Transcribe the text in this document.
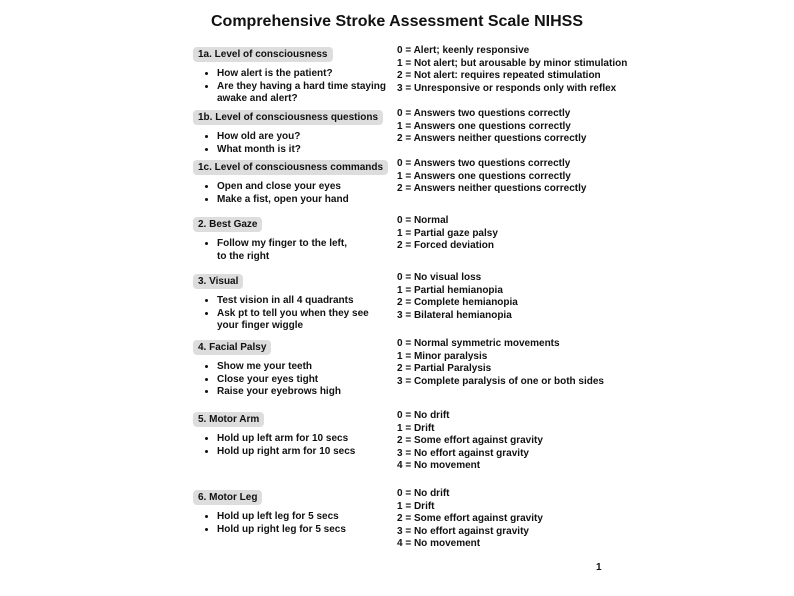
Comprehensive Stroke Assessment Scale NIHSS
1a. Level of consciousness
• How alert is the patient?
• Are they having a hard time staying awake and alert?
0 = Alert; keenly responsive
1 = Not alert; but arousable by minor stimulation
2 = Not alert: requires repeated stimulation
3 = Unresponsive or responds only with reflex
1b. Level of consciousness questions
• How old are you?
• What month is it?
0 = Answers two questions correctly
1 = Answers one questions correctly
2 = Answers neither questions correctly
1c. Level of consciousness commands
• Open and close your eyes
• Make a fist, open your hand
0 = Answers two questions correctly
1 = Answers one questions correctly
2 = Answers neither questions correctly
2. Best Gaze
• Follow my finger to the left, to the right
0 = Normal
1 = Partial gaze palsy
2 = Forced deviation
3. Visual
• Test vision in all 4 quadrants
• Ask pt to tell you when they see your finger wiggle
0 = No visual loss
1 = Partial hemianopia
2 = Complete hemianopia
3 = Bilateral hemianopia
4. Facial Palsy
• Show me your teeth
• Close your eyes tight
• Raise your eyebrows high
0 = Normal symmetric movements
1 = Minor paralysis
2 = Partial Paralysis
3 = Complete paralysis of one or both sides
5. Motor Arm
• Hold up left arm for 10 secs
• Hold up right arm for 10 secs
0 = No drift
1 = Drift
2 = Some effort against gravity
3 = No effort against gravity
4 = No movement
6. Motor Leg
• Hold up left leg for 5 secs
• Hold up right leg for 5 secs
0 = No drift
1 = Drift
2 = Some effort against gravity
3 = No effort against gravity
4 = No movement
1
